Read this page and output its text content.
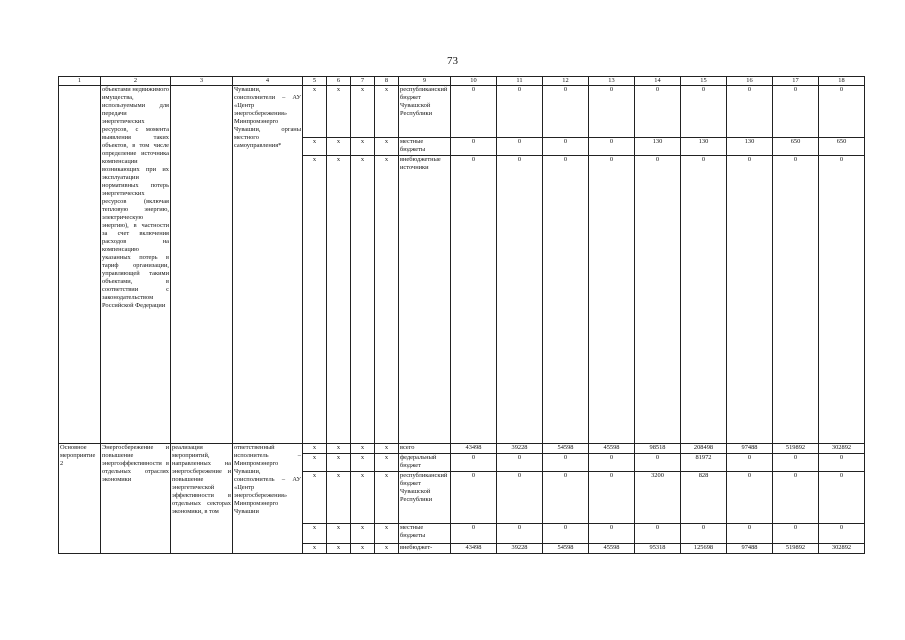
73
1	2	3	4	5	6	7	8	9	10	11	12	13	14	15	16	17	18
	объектами недвижимого имущества, используемыми для передачи энергетических ресурсов, с момента выявления таких объектов, в том числе определение источника компенсации возникающих при их эксплуатации нормативных потерь энергетических ресурсов (включая тепловую энергию, электрическую энергию), в частности за счет включения расходов на компенсацию указанных потерь в тариф организации, управляющей такими объектами, в соответствии с законодательством Российской Федерации		Чувашии, соисполнители – АУ «Центр энергосбережения» Минпромэнерго Чувашии, органы местного самоуправления*	x	x	x	x	республиканский бюджет Чувашской Республики	0	0	0	0	0	0	0	0	0
				x	x	x	x	местные бюджеты	0	0	0	0	130	130	130	650	650
				x	x	x	x	внебюджетные источники	0	0	0	0	0	0	0	0	0
Основное мероприятие 2	Энергосбережение и повышение энергоэффективности в отдельных отраслях экономики	реализация мероприятий, направленных на энергосбережение и повышение энергетической эффективности в отдельных секторах экономики, в том	ответственный исполнитель – Минпромэнерго Чувашии, соисполнитель – АУ «Центр энергосбережения» Минпромэнерго Чувашии	x	x	x	x	всего	43498	39228	54598	45598	98518	208498	97488	519892	302892
				x	x	x	x	федеральный бюджет	0	0	0	0	0	81972	0	0	0
				x	x	x	x	республиканский бюджет Чувашской Республики	0	0	0	0	3200	828	0	0	0
				x	x	x	x	местные бюджеты	0	0	0	0	0	0	0	0	0
				x	x	x	x	внебюджет-	43498	39228	54598	45598	95318	125698	97488	519892	302892
